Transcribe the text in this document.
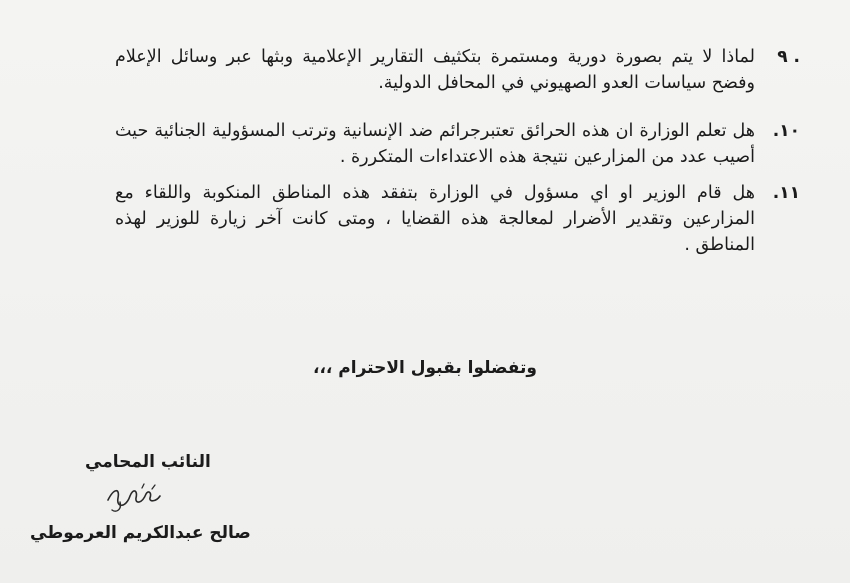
٩ .
لماذا لا يتم بصورة دورية ومستمرة بتكثيف التقارير الإعلامية وبثها عبر وسائل الإعلام وفضح سياسات العدو الصهيوني في المحافل الدولية.
.١٠
هل تعلم الوزارة ان هذه الحرائق تعتبرجرائم ضد الإنسانية وترتب المسؤولية الجنائية حيث أصيب عدد من المزارعين نتيجة هذه الاعتداءات المتكررة .
.١١
هل قام الوزير او اي مسؤول في الوزارة بتفقد هذه المناطق المنكوبة واللقاء مع المزارعين وتقدير الأضرار لمعالجة هذه القضايا ، ومتى كانت آخر زيارة للوزير لهذه المناطق .
وتفضلوا بقبول الاحترام ،،،
النائب المحامي
صالح عبدالكريم العرموطي
